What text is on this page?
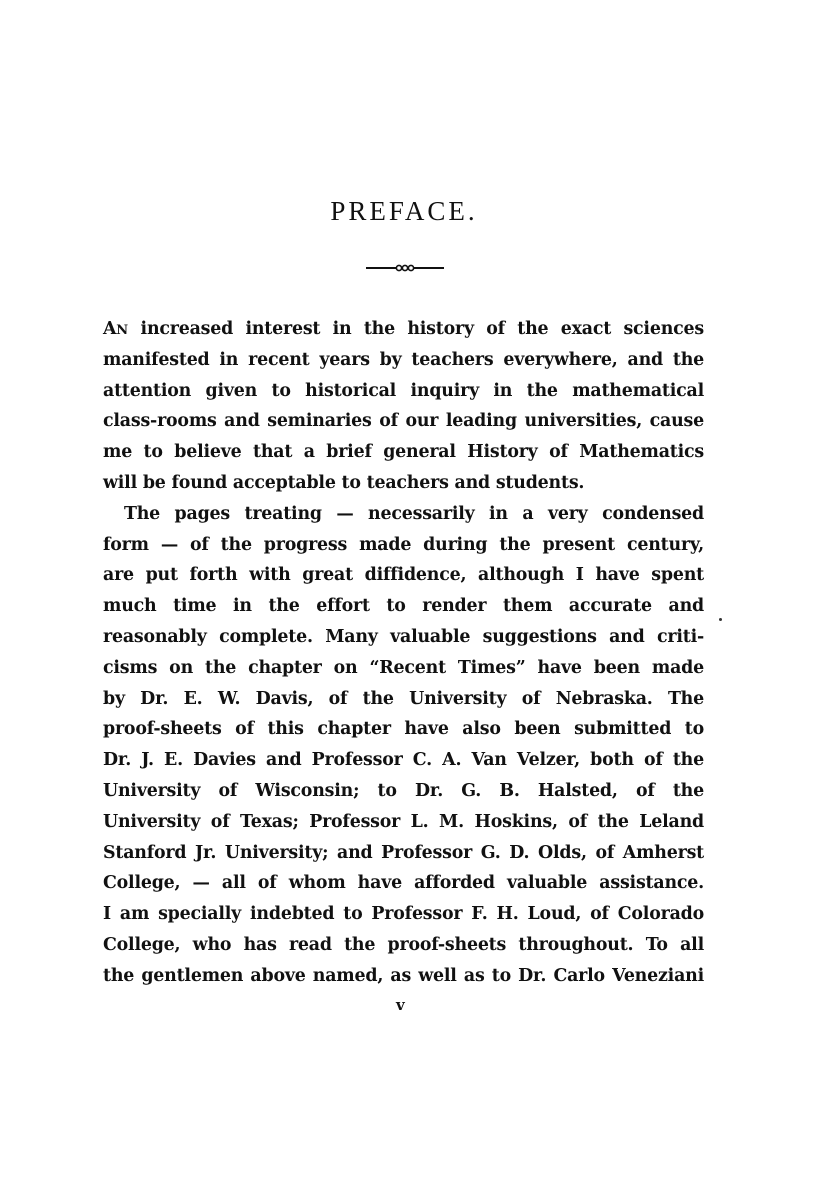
PREFACE.
AN increased interest in the history of the exact sciences
manifested in recent years by teachers everywhere, and the
attention given to historical inquiry in the mathematical
class-rooms and seminaries of our leading universities, cause
me to believe that a brief general History of Mathematics
will be found acceptable to teachers and students.
The pages treating — necessarily in a very condensed
form — of the progress made during the present century,
are put forth with great diffidence, although I have spent
much time in the effort to render them accurate and
reasonably complete. Many valuable suggestions and criti-
cisms on the chapter on “Recent Times” have been made
by Dr. E. W. Davis, of the University of Nebraska. The
proof-sheets of this chapter have also been submitted to
Dr. J. E. Davies and Professor C. A. Van Velzer, both of the
University of Wisconsin; to Dr. G. B. Halsted, of the
University of Texas; Professor L. M. Hoskins, of the Leland
Stanford Jr. University; and Professor G. D. Olds, of Amherst
College, — all of whom have afforded valuable assistance.
I am specially indebted to Professor F. H. Loud, of Colorado
College, who has read the proof-sheets throughout. To all
the gentlemen above named, as well as to Dr. Carlo Veneziani
v
